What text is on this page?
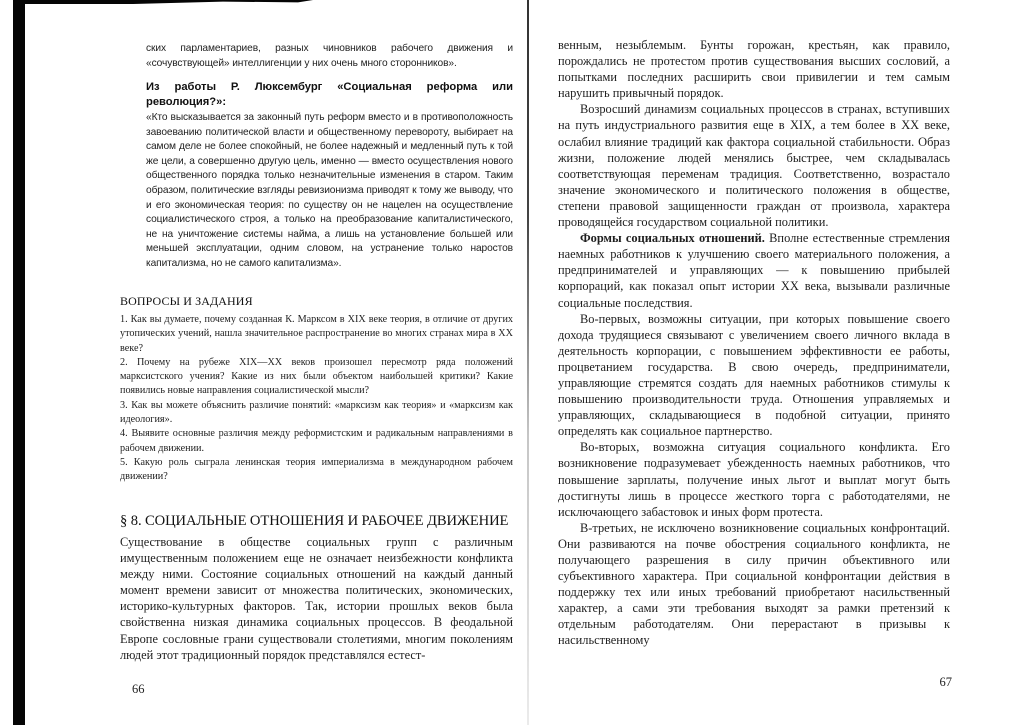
ских парламентариев, разных чиновников рабочего движения и «сочувствующей» интеллигенции у них очень много сторонников».

Из работы Р. Люксембург «Социальная реформа или революция?»:

«Кто высказывается за законный путь реформ вместо и в противоположность завоеванию политической власти и общественному перевороту, выбирает на самом деле не более спокойный, не более надежный и медленный путь к той же цели, а совершенно другую цель, именно — вместо осуществления нового общественного порядка только незначительные изменения в старом. Таким образом, политические взгляды ревизионизма приводят к тому же выводу, что и его экономическая теория: по существу он не нацелен на осуществление социалистического строя, а только на преобразование капиталистического, не на уничтожение системы найма, а лишь на установление большей или меньшей эксплуатации, одним словом, на устранение только наростов капитализма, но не самого капитализма».

ВОПРОСЫ И ЗАДАНИЯ

1. Как вы думаете, почему созданная К. Марксом в XIX веке теория, в отличие от других утопических учений, нашла значительное распространение во многих странах мира в XX веке?

2. Почему на рубеже XIX—XX веков произошел пересмотр ряда положений марксистского учения? Какие из них были объектом наибольшей критики? Какие появились новые направления социалистической мысли?

3. Как вы можете объяснить различие понятий: «марксизм как теория» и «марксизм как идеология».

4. Выявите основные различия между реформистским и радикальным направлениями в рабочем движении.

5. Какую роль сыграла ленинская теория империализма в международном рабочем движении?

§ 8. СОЦИАЛЬНЫЕ ОТНОШЕНИЯ И РАБОЧЕЕ ДВИЖЕНИЕ

Существование в обществе социальных групп с различным имущественным положением еще не означает неизбежности конфликта между ними. Состояние социальных отношений на каждый данный момент времени зависит от множества политических, экономических, историко-культурных факторов. Так, истории прошлых веков была свойственна низкая динамика социальных процессов. В феодальной Европе сословные грани существовали столетиями, многим поколениям людей этот традиционный порядок представлялся естест-

66

венным, незыблемым. Бунты горожан, крестьян, как правило, порождались не протестом против существования высших сословий, а попытками последних расширить свои привилегии и тем самым нарушить привычный порядок.

Возросший динамизм социальных процессов в странах, вступивших на путь индустриального развития еще в XIX, а тем более в XX веке, ослабил влияние традиций как фактора социальной стабильности. Образ жизни, положение людей менялись быстрее, чем складывалась соответствующая переменам традиция. Соответственно, возрастало значение экономического и политического положения в обществе, степени правовой защищенности граждан от произвола, характера проводящейся государством социальной политики.

Формы социальных отношений. Вполне естественные стремления наемных работников к улучшению своего материального положения, а предпринимателей и управляющих — к повышению прибылей корпораций, как показал опыт истории XX века, вызывали различные социальные последствия.

Во-первых, возможны ситуации, при которых повышение своего дохода трудящиеся связывают с увеличением своего личного вклада в деятельность корпорации, с повышением эффективности ее работы, процветанием государства. В свою очередь, предприниматели, управляющие стремятся создать для наемных работников стимулы к повышению производительности труда. Отношения управляемых и управляющих, складывающиеся в подобной ситуации, принято определять как социальное партнерство.

Во-вторых, возможна ситуация социального конфликта. Его возникновение подразумевает убежденность наемных работников, что повышение зарплаты, получение иных льгот и выплат могут быть достигнуты лишь в процессе жесткого торга с работодателями, не исключающего забастовок и иных форм протеста.

В-третьих, не исключено возникновение социальных конфронтаций. Они развиваются на почве обострения социального конфликта, не получающего разрешения в силу причин объективного или субъективного характера. При социальной конфронтации действия в поддержку тех или иных требований приобретают насильственный характер, а сами эти требования выходят за рамки претензий к отдельным работодателям. Они перерастают в призывы к насильственному

67
